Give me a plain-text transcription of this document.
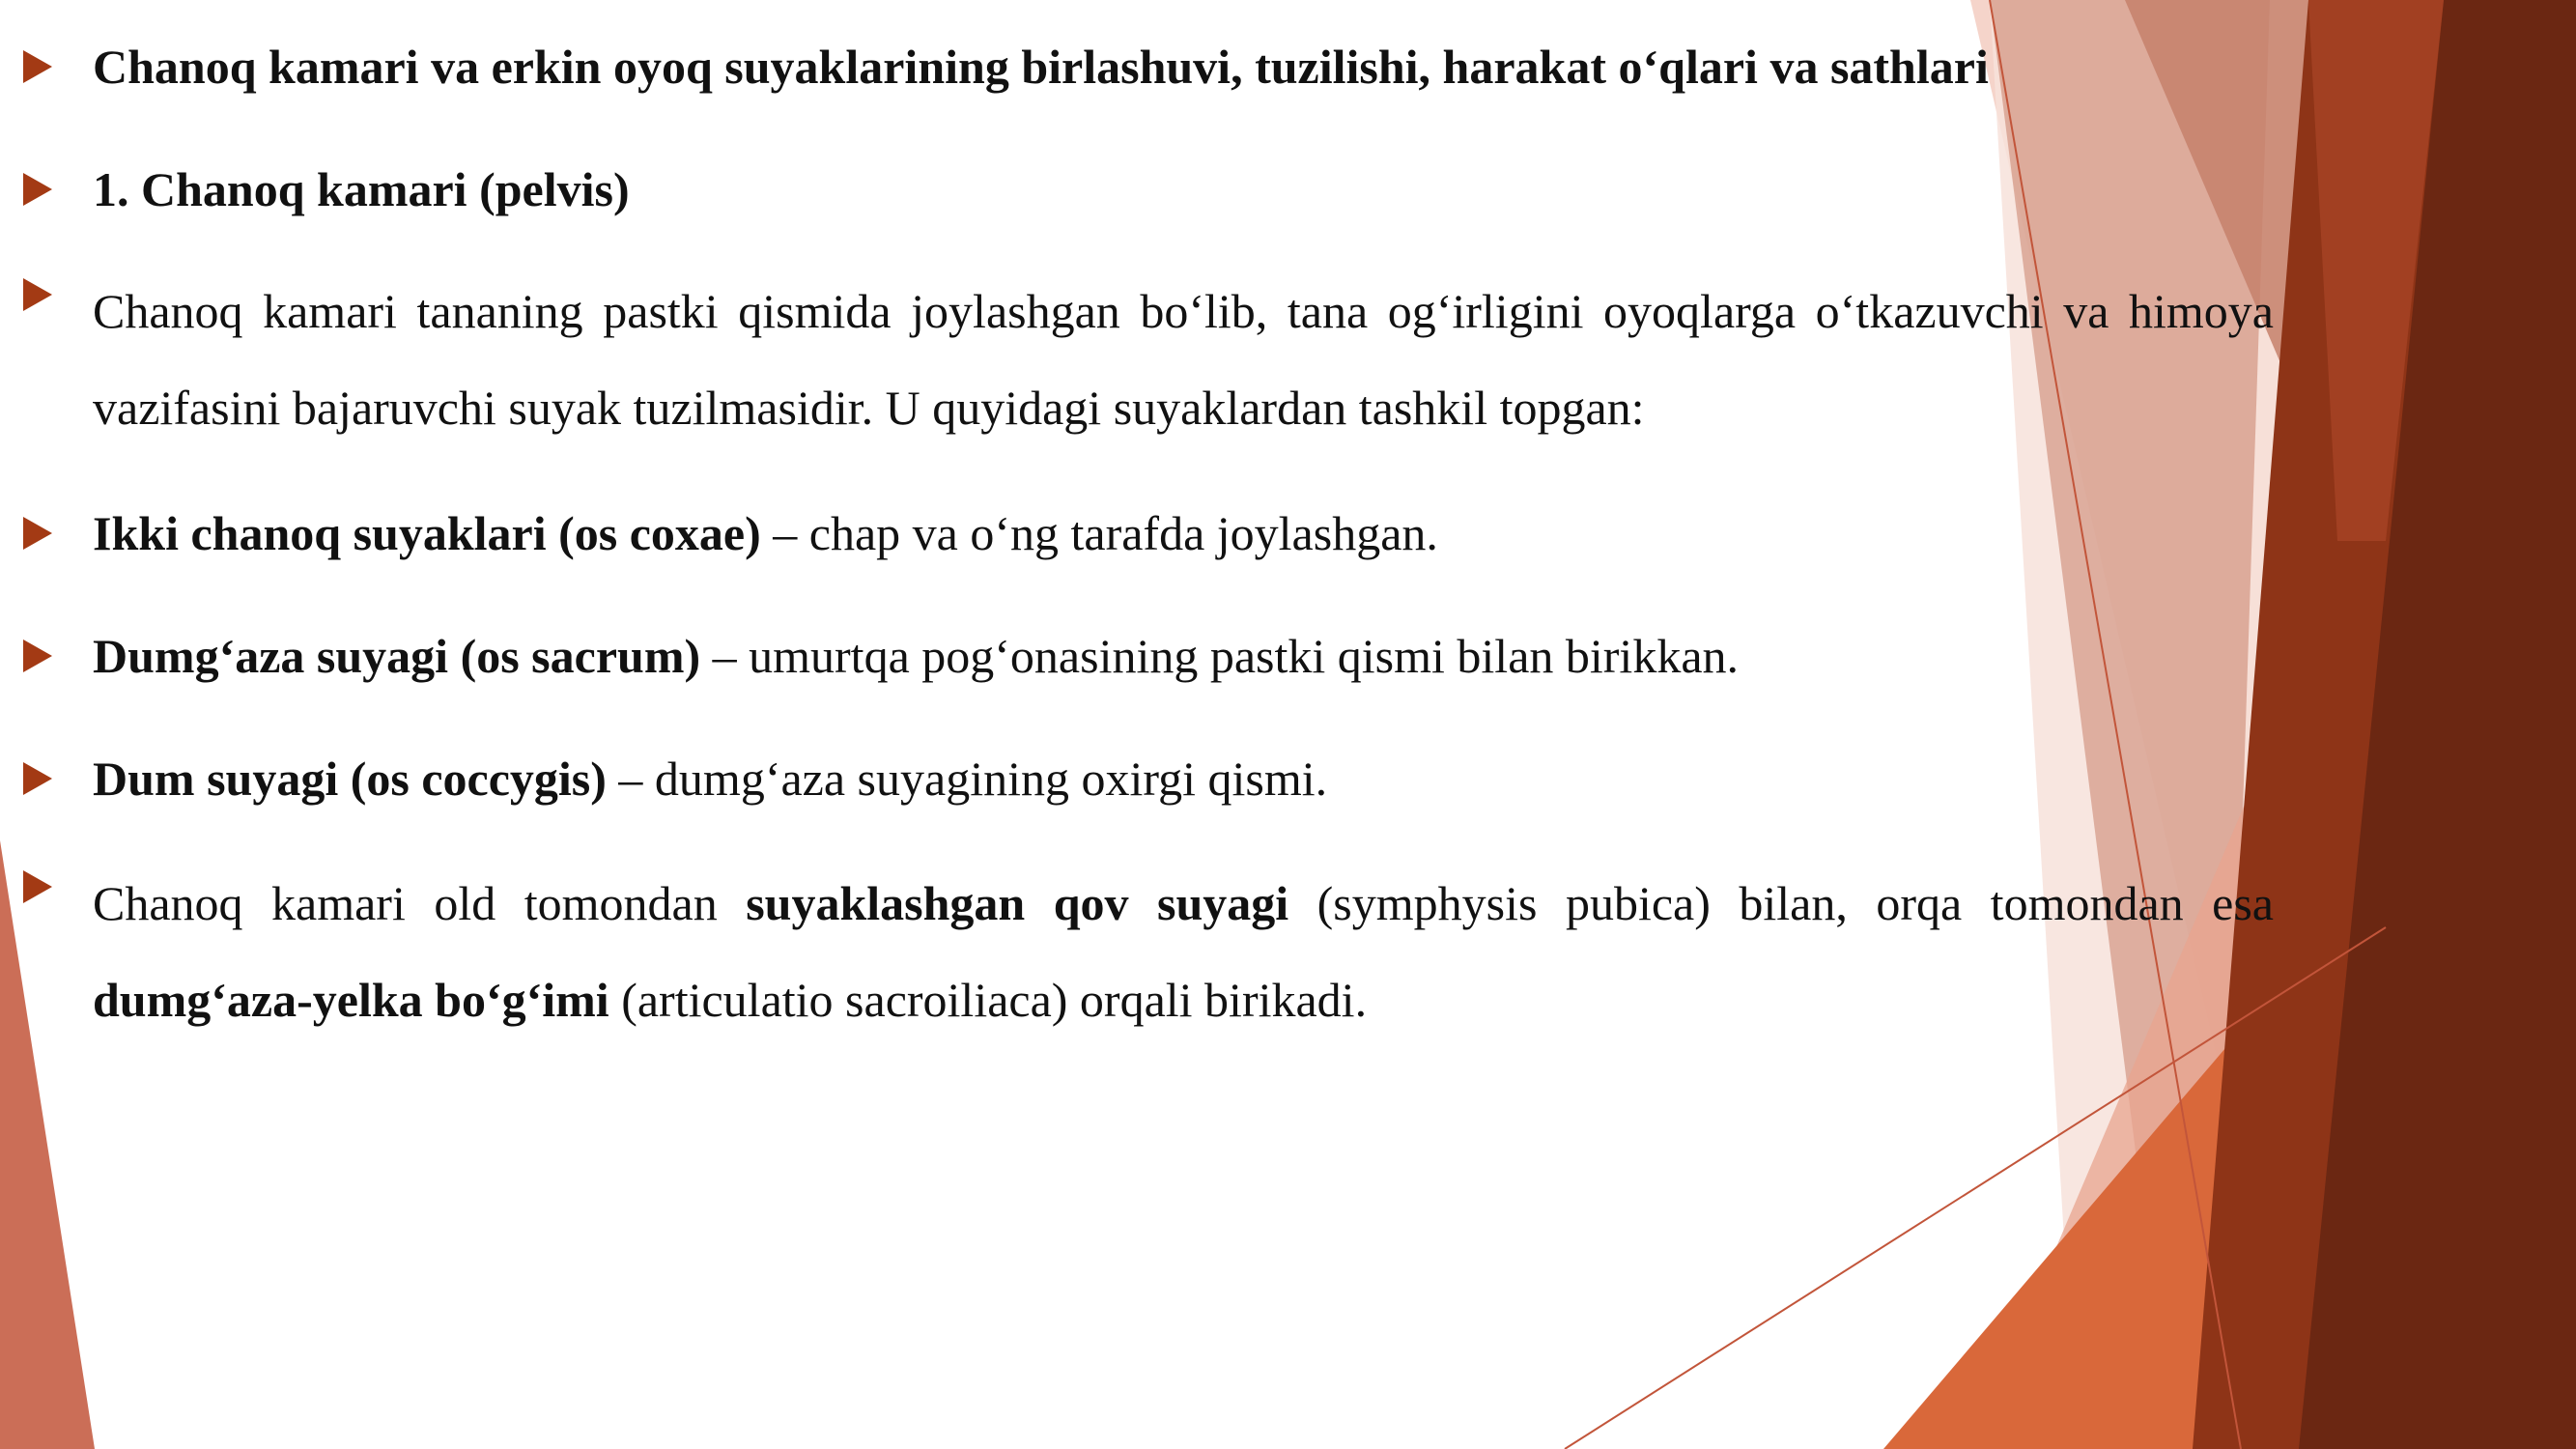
Chanoq kamari va erkin oyoq suyaklarining birlashuvi, tuzilishi, harakat o‘qlari va sathlari
1. Chanoq kamari (pelvis)
Chanoq kamari tananing pastki qismida joylashgan bo‘lib, tana og‘irligini oyoqlarga o‘tkazuvchi va himoya vazifasini bajaruvchi suyak tuzilmasidir. U quyidagi suyaklardan tashkil topgan:
Ikki chanoq suyaklari (os coxae) – chap va o‘ng tarafda joylashgan.
Dumg‘aza suyagi (os sacrum) – umurtqa pog‘onasining pastki qismi bilan birikkan.
Dum suyagi (os coccygis) – dumg‘aza suyagining oxirgi qismi.
Chanoq kamari old tomondan suyaklashgan qov suyagi (symphysis pubica) bilan, orqa tomondan esa dumg‘aza-yelka bo‘g‘imi (articulatio sacroiliaca) orqali birikadi.
